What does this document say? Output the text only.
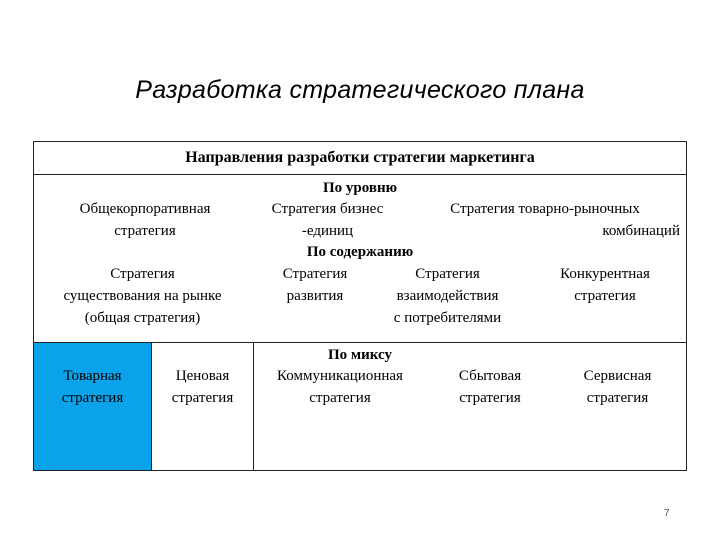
Разработка стратегического плана
Направления разработки стратегии маркетинга
По уровню
Общекорпоративная
стратегия
Стратегия бизнес
-единиц
Стратегия товарно-рыночных
комбинаций
По содержанию
Стратегия
существования на рынке
(общая стратегия)
Стратегия
развития
Стратегия
взаимодействия
с потребителями
Конкурентная
стратегия
По миксу
Товарная
стратегия
Ценовая
стратегия
Коммуникационная
стратегия
Сбытовая
стратегия
Сервисная
стратегия
7
